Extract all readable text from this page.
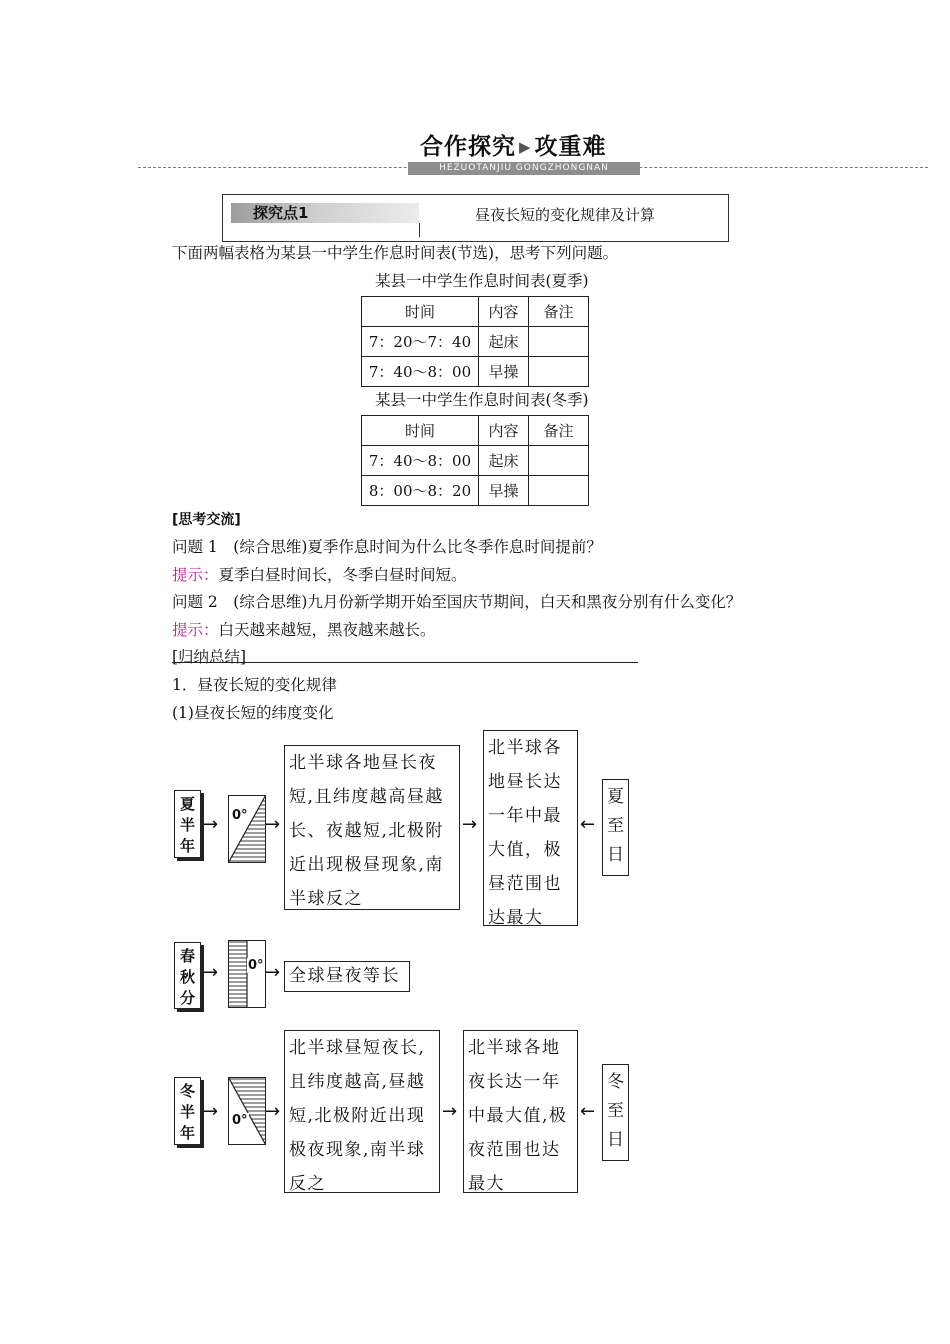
合作探究 ▶ 攻重难
HEZUOTANJIU GONGZHONGNAN
探究点1	昼夜长短的变化规律及计算
下面两幅表格为某县一中学生作息时间表(节选)，思考下列问题。
某县一中学生作息时间表(夏季)
时间	内容	备注
7：20～7：40	起床	
7：40～8：00	早操	
某县一中学生作息时间表(冬季)
时间	内容	备注
7：40～8：00	起床	
8：00～8：20	早操	
[思考交流]
问题 1　(综合思维)夏季作息时间为什么比冬季作息时间提前？
提示：夏季白昼时间长，冬季白昼时间短。
问题 2　(综合思维)九月份新学期开始至国庆节期间，白天和黑夜分别有什么变化？
提示：白天越来越短，黑夜越来越长。
[归纳总结]
1．昼夜长短的变化规律
(1)昼夜长短的纬度变化
夏
半
年
→ 0° →
北半球各地昼长夜短,且纬度越高昼越长、夜越短,北极附近出现极昼现象,南半球反之
→
北半球各地昼长达一年中最大值，极昼范围也达最大
←
夏
至
日
春
秋
分
→ 0° → 全球昼夜等长
冬
半
年
→ 0° →
北半球昼短夜长,且纬度越高,昼越短,北极附近出现极夜现象,南半球反之
→
北半球各地夜长达一年中最大值,极夜范围也达最大
←
冬
至
日
